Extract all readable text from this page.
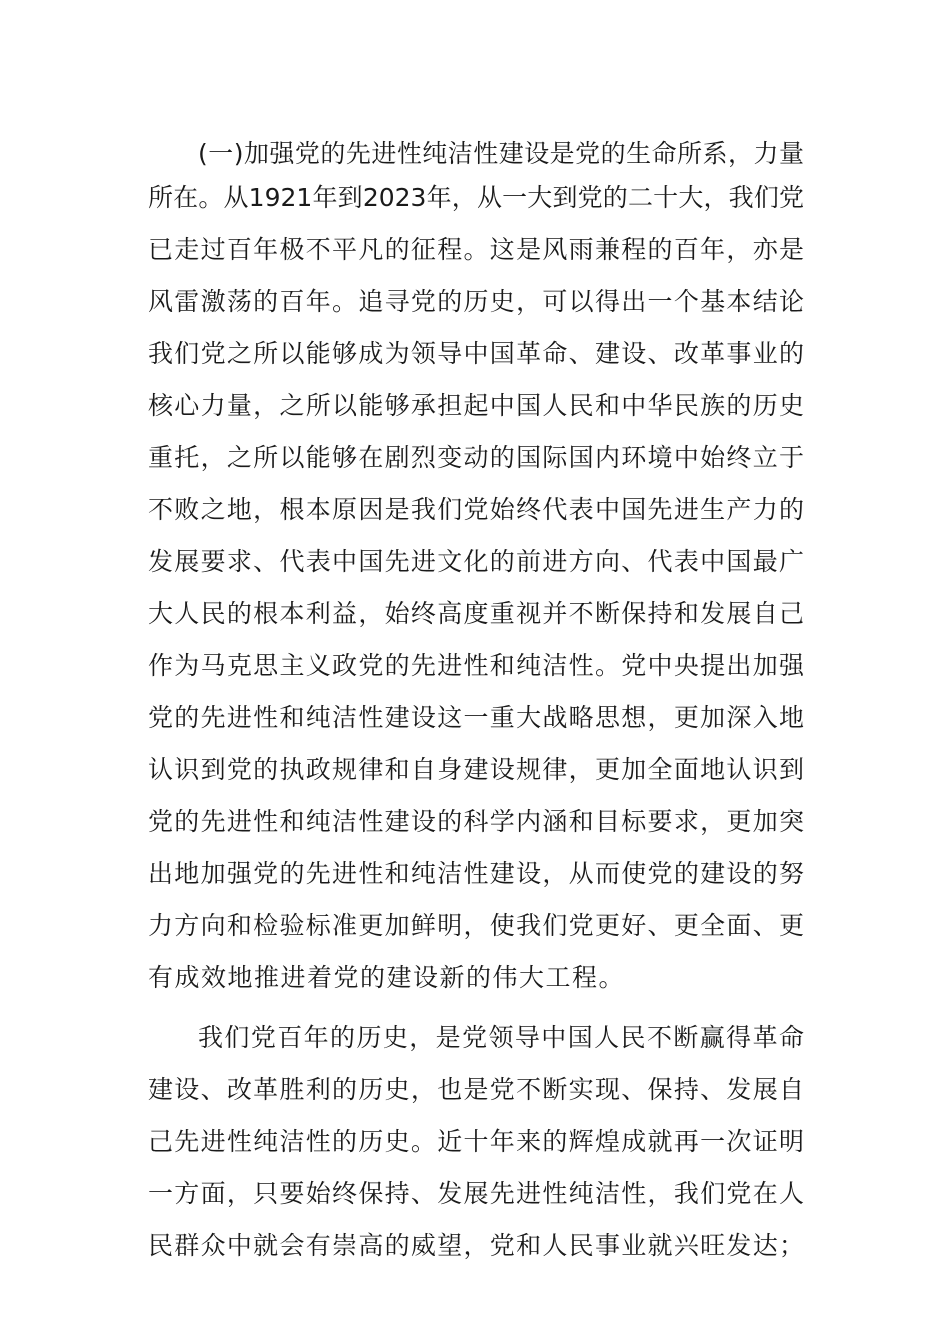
(一)加强党的先进性纯洁性建设是党的生命所系，力量

所在。从1921年到2023年，从一大到党的二十大，我们党

已走过百年极不平凡的征程。这是风雨兼程的百年，亦是

风雷激荡的百年。追寻党的历史，可以得出一个基本结论

我们党之所以能够成为领导中国革命、建设、改革事业的

核心力量，之所以能够承担起中国人民和中华民族的历史

重托，之所以能够在剧烈变动的国际国内环境中始终立于

不败之地，根本原因是我们党始终代表中国先进生产力的

发展要求、代表中国先进文化的前进方向、代表中国最广

大人民的根本利益，始终高度重视并不断保持和发展自己

作为马克思主义政党的先进性和纯洁性。党中央提出加强

党的先进性和纯洁性建设这一重大战略思想，更加深入地

认识到党的执政规律和自身建设规律，更加全面地认识到

党的先进性和纯洁性建设的科学内涵和目标要求，更加突

出地加强党的先进性和纯洁性建设，从而使党的建设的努

力方向和检验标准更加鲜明，使我们党更好、更全面、更

有成效地推进着党的建设新的伟大工程。

我们党百年的历史，是党领导中国人民不断赢得革命

建设、改革胜利的历史，也是党不断实现、保持、发展自

己先进性纯洁性的历史。近十年来的辉煌成就再一次证明

一方面，只要始终保持、发展先进性纯洁性，我们党在人

民群众中就会有崇高的威望，党和人民事业就兴旺发达；
